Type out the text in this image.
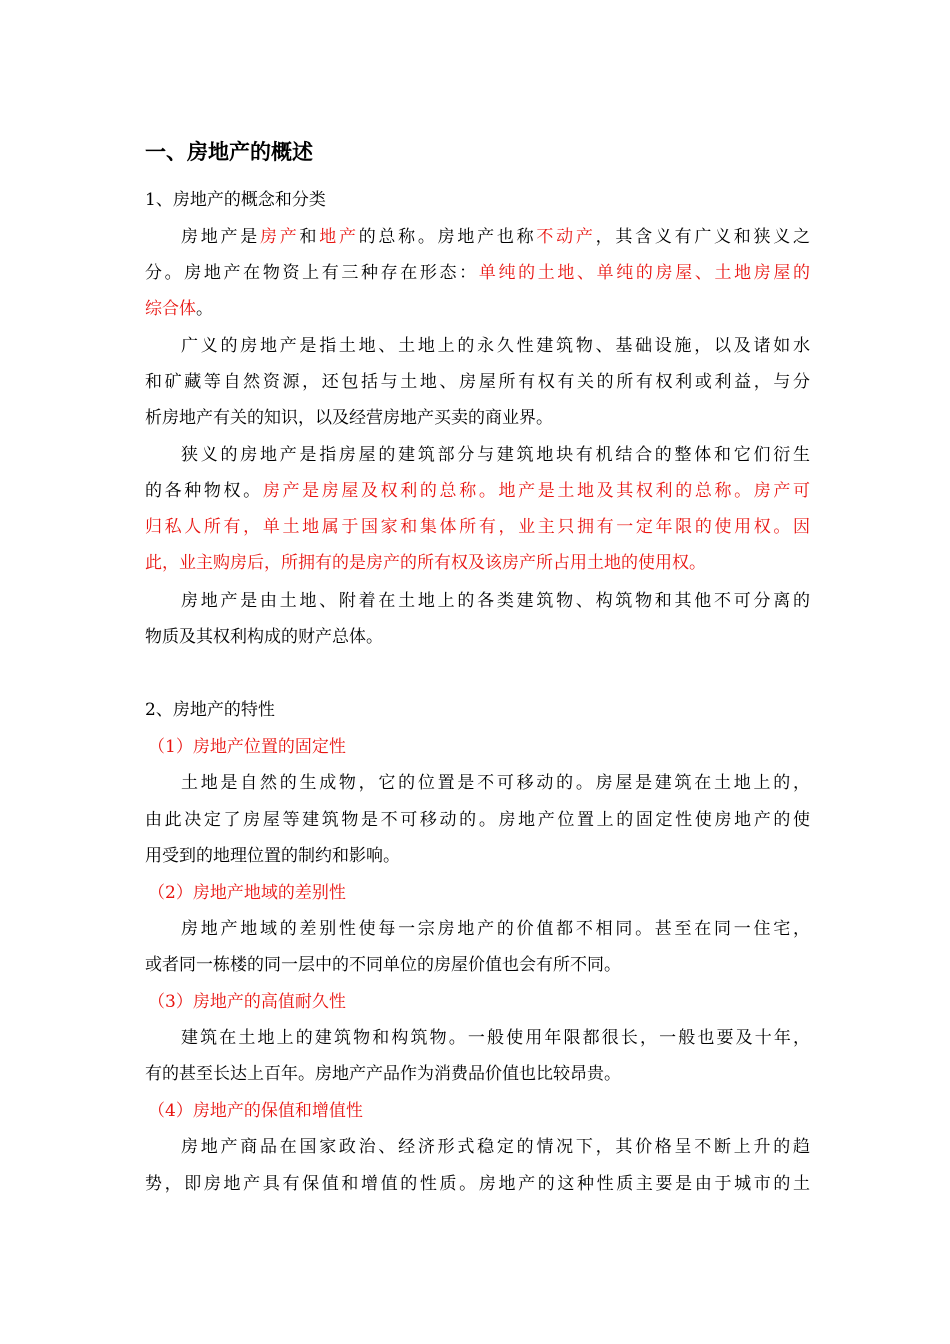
一、房地产的概述
1、房地产的概念和分类
房地产是房产和地产的总称。房地产也称不动产，其含义有广义和狭义之
分。房地产在物资上有三种存在形态：单纯的土地、单纯的房屋、土地房屋的
综合体。
广义的房地产是指土地、土地上的永久性建筑物、基础设施，以及诸如水
和矿藏等自然资源，还包括与土地、房屋所有权有关的所有权利或利益，与分
析房地产有关的知识，以及经营房地产买卖的商业界。
狭义的房地产是指房屋的建筑部分与建筑地块有机结合的整体和它们衍生
的各种物权。房产是房屋及权利的总称。地产是土地及其权利的总称。房产可
归私人所有，单土地属于国家和集体所有，业主只拥有一定年限的使用权。因
此，业主购房后，所拥有的是房产的所有权及该房产所占用土地的使用权。
房地产是由土地、附着在土地上的各类建筑物、构筑物和其他不可分离的
物质及其权利构成的财产总体。
2、房地产的特性
（1）房地产位置的固定性
土地是自然的生成物，它的位置是不可移动的。房屋是建筑在土地上的，
由此决定了房屋等建筑物是不可移动的。房地产位置上的固定性使房地产的使
用受到的地理位置的制约和影响。
（2）房地产地域的差别性
房地产地域的差别性使每一宗房地产的价值都不相同。甚至在同一住宅，
或者同一栋楼的同一层中的不同单位的房屋价值也会有所不同。
（3）房地产的高值耐久性
建筑在土地上的建筑物和构筑物。一般使用年限都很长，一般也要及十年，
有的甚至长达上百年。房地产产品作为消费品价值也比较昂贵。
（4）房地产的保值和增值性
房地产商品在国家政治、经济形式稳定的情况下，其价格呈不断上升的趋
势，即房地产具有保值和增值的性质。房地产的这种性质主要是由于城市的土
